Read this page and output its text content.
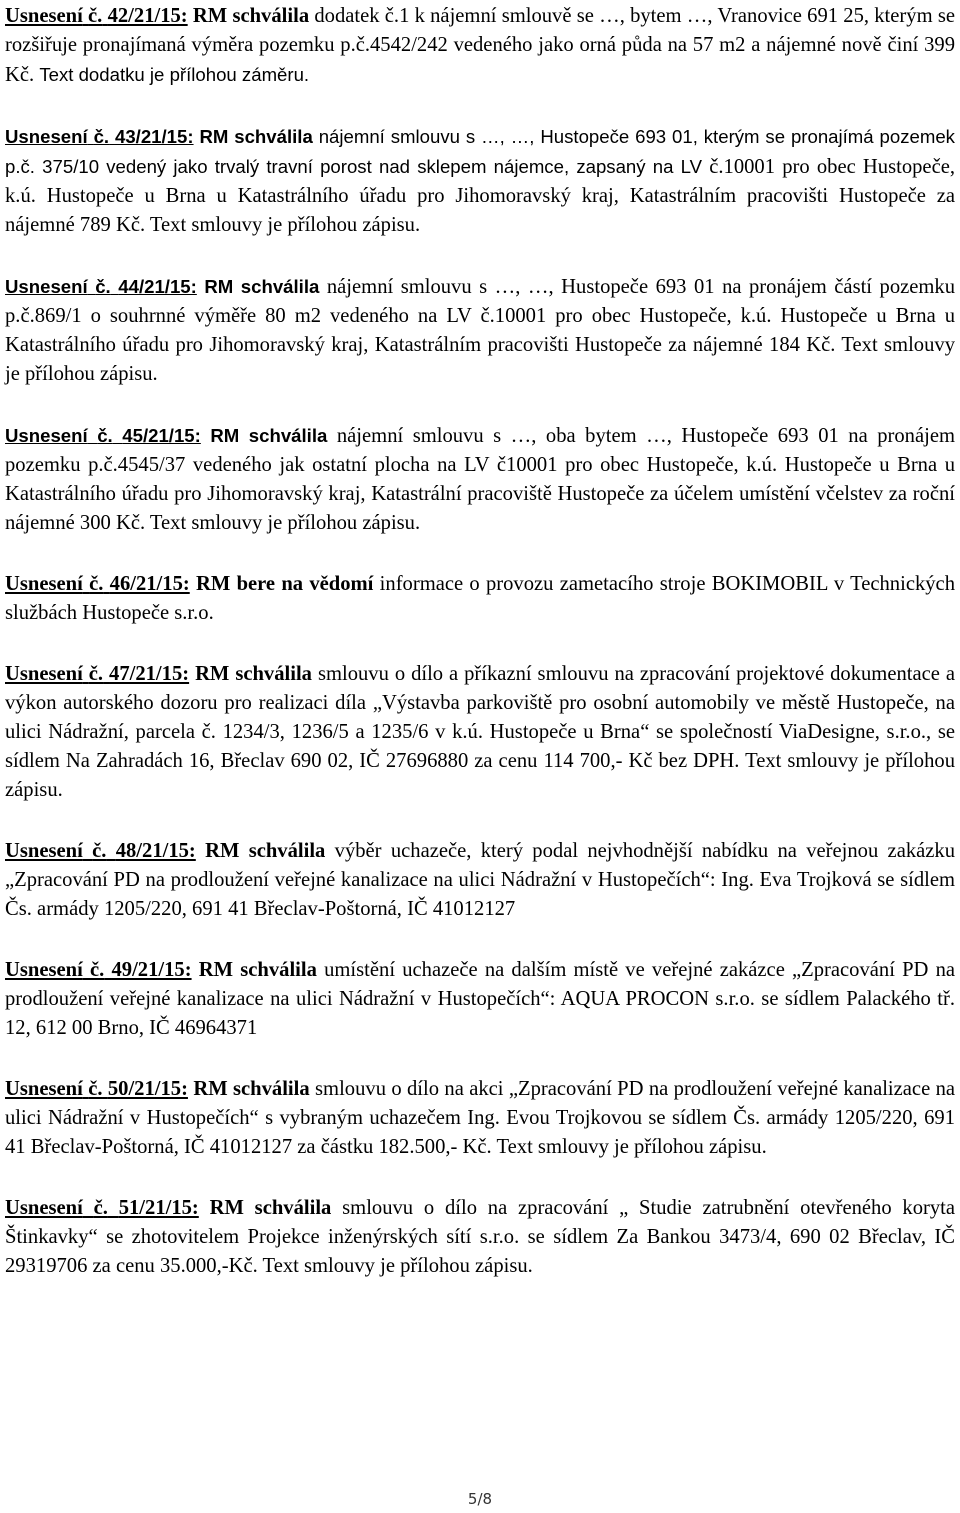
Usnesení č. 42/21/15: RM schválila dodatek č.1 k nájemní smlouvě se …, bytem …, Vranovice 691 25, kterým se rozšiřuje pronajímaná výměra pozemku p.č.4542/242 vedeného jako orná půda na 57 m2 a nájemné nově činí 399 Kč. Text dodatku je přílohou záměru.

Usnesení č. 43/21/15: RM schválila nájemní smlouvu s …, …, Hustopeče 693 01, kterým se pronajímá pozemek p.č. 375/10 vedený jako trvalý travní porost nad sklepem nájemce, zapsaný na LV č.10001 pro obec Hustopeče, k.ú. Hustopeče u Brna u Katastrálního úřadu pro Jihomoravský kraj, Katastrálním pracovišti Hustopeče za nájemné 789 Kč. Text smlouvy je přílohou zápisu.

Usnesení č. 44/21/15: RM schválila nájemní smlouvu s …, …, Hustopeče 693 01 na pronájem částí pozemku p.č.869/1 o souhrnné výměře 80 m2 vedeného na LV č.10001 pro obec Hustopeče, k.ú. Hustopeče u Brna u Katastrálního úřadu pro Jihomoravský kraj, Katastrálním pracovišti Hustopeče za nájemné 184 Kč. Text smlouvy je přílohou zápisu.

Usnesení č. 45/21/15: RM schválila nájemní smlouvu s …, oba bytem …, Hustopeče 693 01 na pronájem pozemku p.č.4545/37 vedeného jak ostatní plocha na LV č10001 pro obec Hustopeče, k.ú. Hustopeče u Brna u Katastrálního úřadu pro Jihomoravský kraj, Katastrální pracoviště Hustopeče za účelem umístění včelstev za roční nájemné 300 Kč. Text smlouvy je přílohou zápisu.

Usnesení č. 46/21/15: RM bere na vědomí informace o provozu zametacího stroje BOKIMOBIL v Technických službách Hustopeče s.r.o.

Usnesení č. 47/21/15: RM schválila smlouvu o dílo a příkazní smlouvu na zpracování projektové dokumentace a výkon autorského dozoru pro realizaci díla „Výstavba parkoviště pro osobní automobily ve městě Hustopeče, na ulici Nádražní, parcela č. 1234/3, 1236/5 a 1235/6 v k.ú. Hustopeče u Brna“ se společností ViaDesigne, s.r.o., se sídlem Na Zahradách 16, Břeclav 690 02, IČ 27696880 za cenu 114 700,- Kč bez DPH. Text smlouvy je přílohou zápisu.

Usnesení č. 48/21/15: RM schválila výběr uchazeče, který podal nejvhodnější nabídku na veřejnou zakázku „Zpracování PD na prodloužení veřejné kanalizace na ulici Nádražní v Hustopečích“: Ing. Eva Trojková se sídlem Čs. armády 1205/220, 691 41 Břeclav-Poštorná, IČ 41012127

Usnesení č. 49/21/15: RM schválila umístění uchazeče na dalším místě ve veřejné zakázce „Zpracování PD na prodloužení veřejné kanalizace na ulici Nádražní v Hustopečích“: AQUA PROCON s.r.o. se sídlem Palackého tř. 12, 612 00 Brno, IČ 46964371

Usnesení č. 50/21/15: RM schválila smlouvu o dílo na akci „Zpracování PD na prodloužení veřejné kanalizace na ulici Nádražní v Hustopečích“ s vybraným uchazečem Ing. Evou Trojkovou se sídlem Čs. armády 1205/220, 691 41 Břeclav-Poštorná, IČ 41012127 za částku 182.500,- Kč. Text smlouvy je přílohou zápisu.

Usnesení č. 51/21/15: RM schválila smlouvu o dílo na zpracování „ Studie zatrubnění otevřeného koryta Štinkavky“ se zhotovitelem Projekce inženýrských sítí s.r.o. se sídlem Za Bankou 3473/4, 690 02 Břeclav, IČ 29319706 za cenu 35.000,-Kč. Text smlouvy je přílohou zápisu.

5/8
